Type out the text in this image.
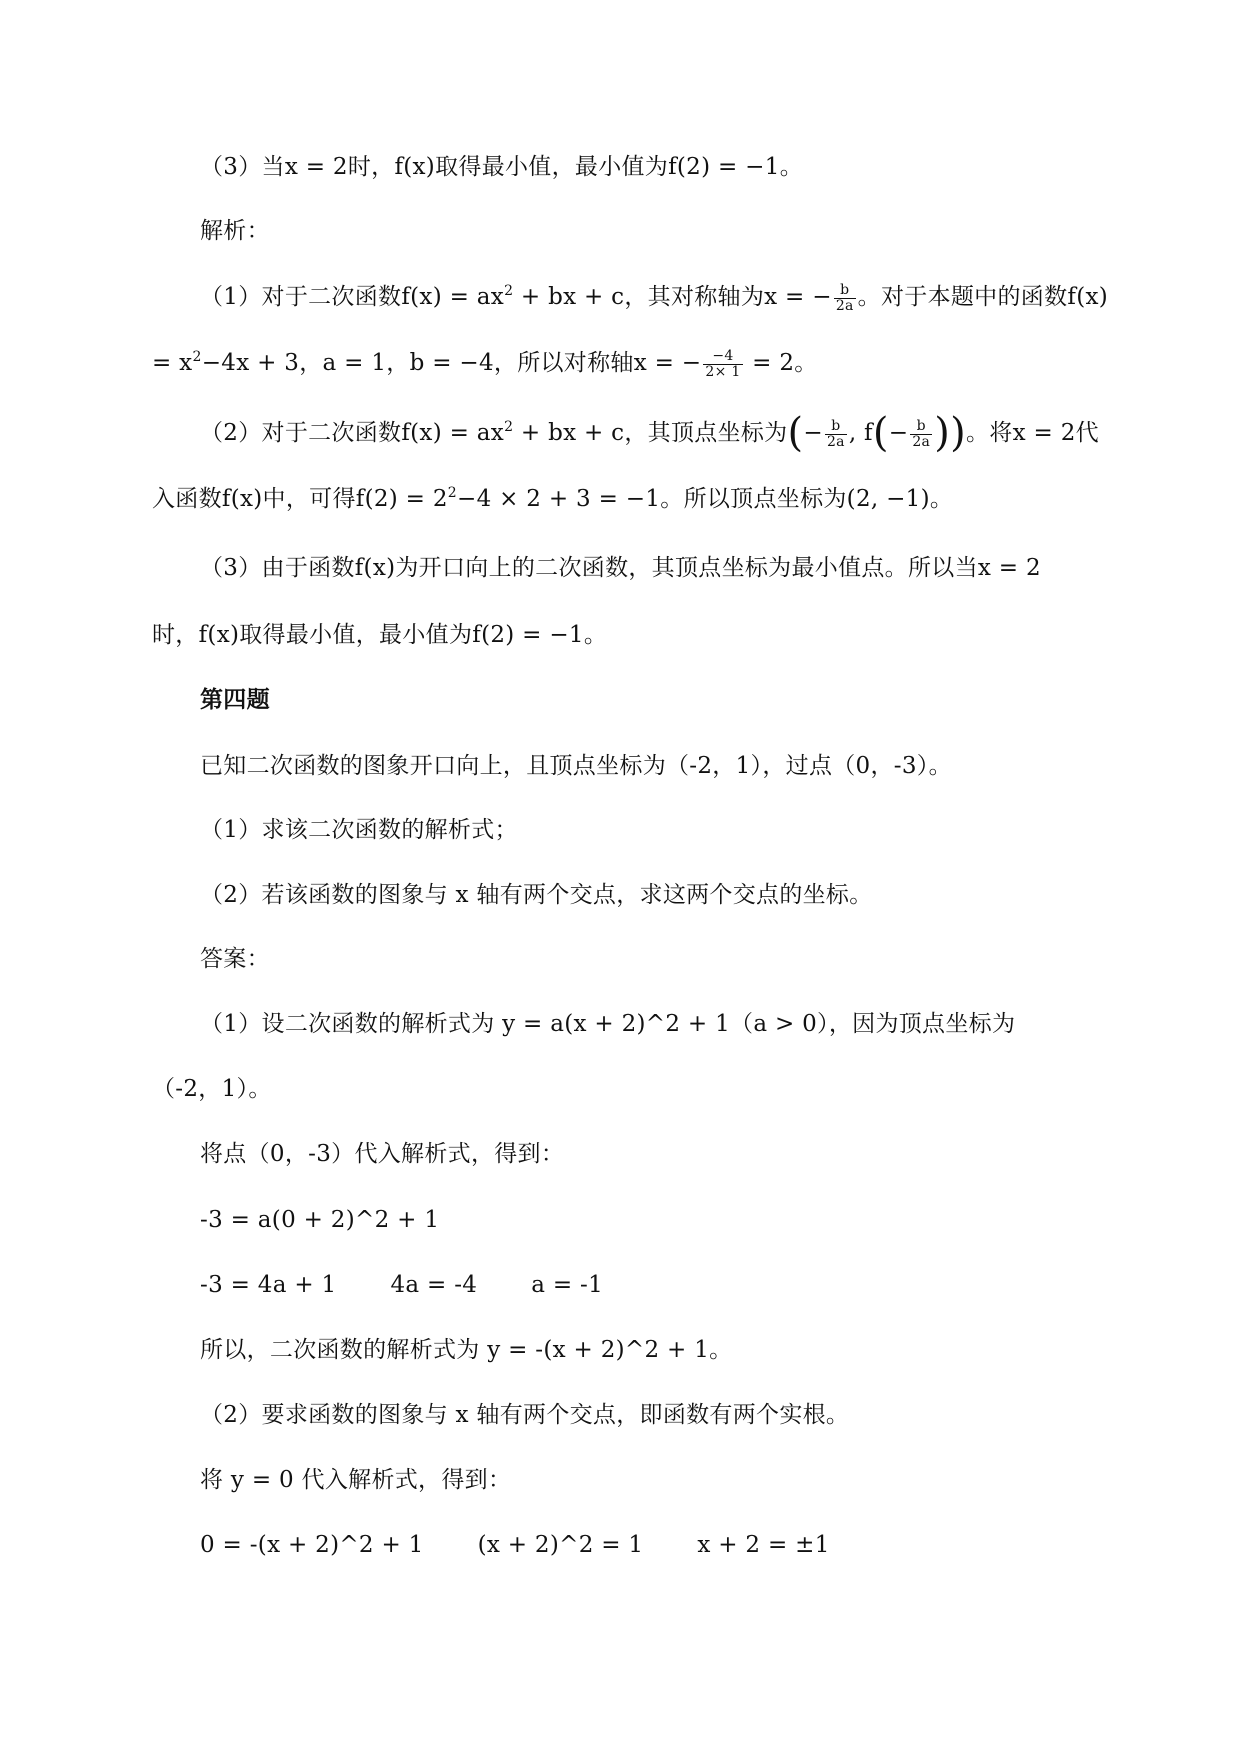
（3）当x = 2时，f(x)取得最小值，最小值为f(2) = −1。
解析：
（1）对于二次函数$f(x) = ax^2$ + bx + c，其对称轴为x = − $\frac{b}{2a}$ 。对于本题中的函数f(x)
= $x^2-4x + 3$，a = 1，b = −4，所以对称轴x = − $\frac{-4}{2\times 1} = 2$。
（2）对于二次函数$f(x) = ax^2$ + bx + c，其顶点坐标为(− $\frac{b}{2a}$ , $f(- \frac{b}{2a}$ ))。将x = 2代
入函数f(x)中，可得$f(2) = 2^2-4 \times 2 + 3 = -1$。所以顶点坐标为(2, −1)。
（3）由于函数f(x)为开口向上的二次函数，其顶点坐标为最小值点。所以当x = 2
时，f(x)取得最小值，最小值为f(2) = −1。
第四题
已知二次函数的图象开口向上，且顶点坐标为（-2，1），过点（0，-3）。
（1）求该二次函数的解析式；
（2）若该函数的图象与 x 轴有两个交点，求这两个交点的坐标。
答案：
（1）设二次函数的解析式为 y = a(x + 2)^2 + 1（a > 0），因为顶点坐标为
（-2，1）。
将点（0，-3）代入解析式，得到：
-3 = a(0 + 2)^2 + 1
-3 = 4a + 1 4a = -4 a = -1
所以，二次函数的解析式为 y = -(x + 2)^2 + 1。
（2）要求函数的图象与 x 轴有两个交点，即函数有两个实根。
将 y = 0 代入解析式，得到：
0 = -(x + 2)^2 + 1 (x + 2)^2 = 1 x + 2 = ±1
